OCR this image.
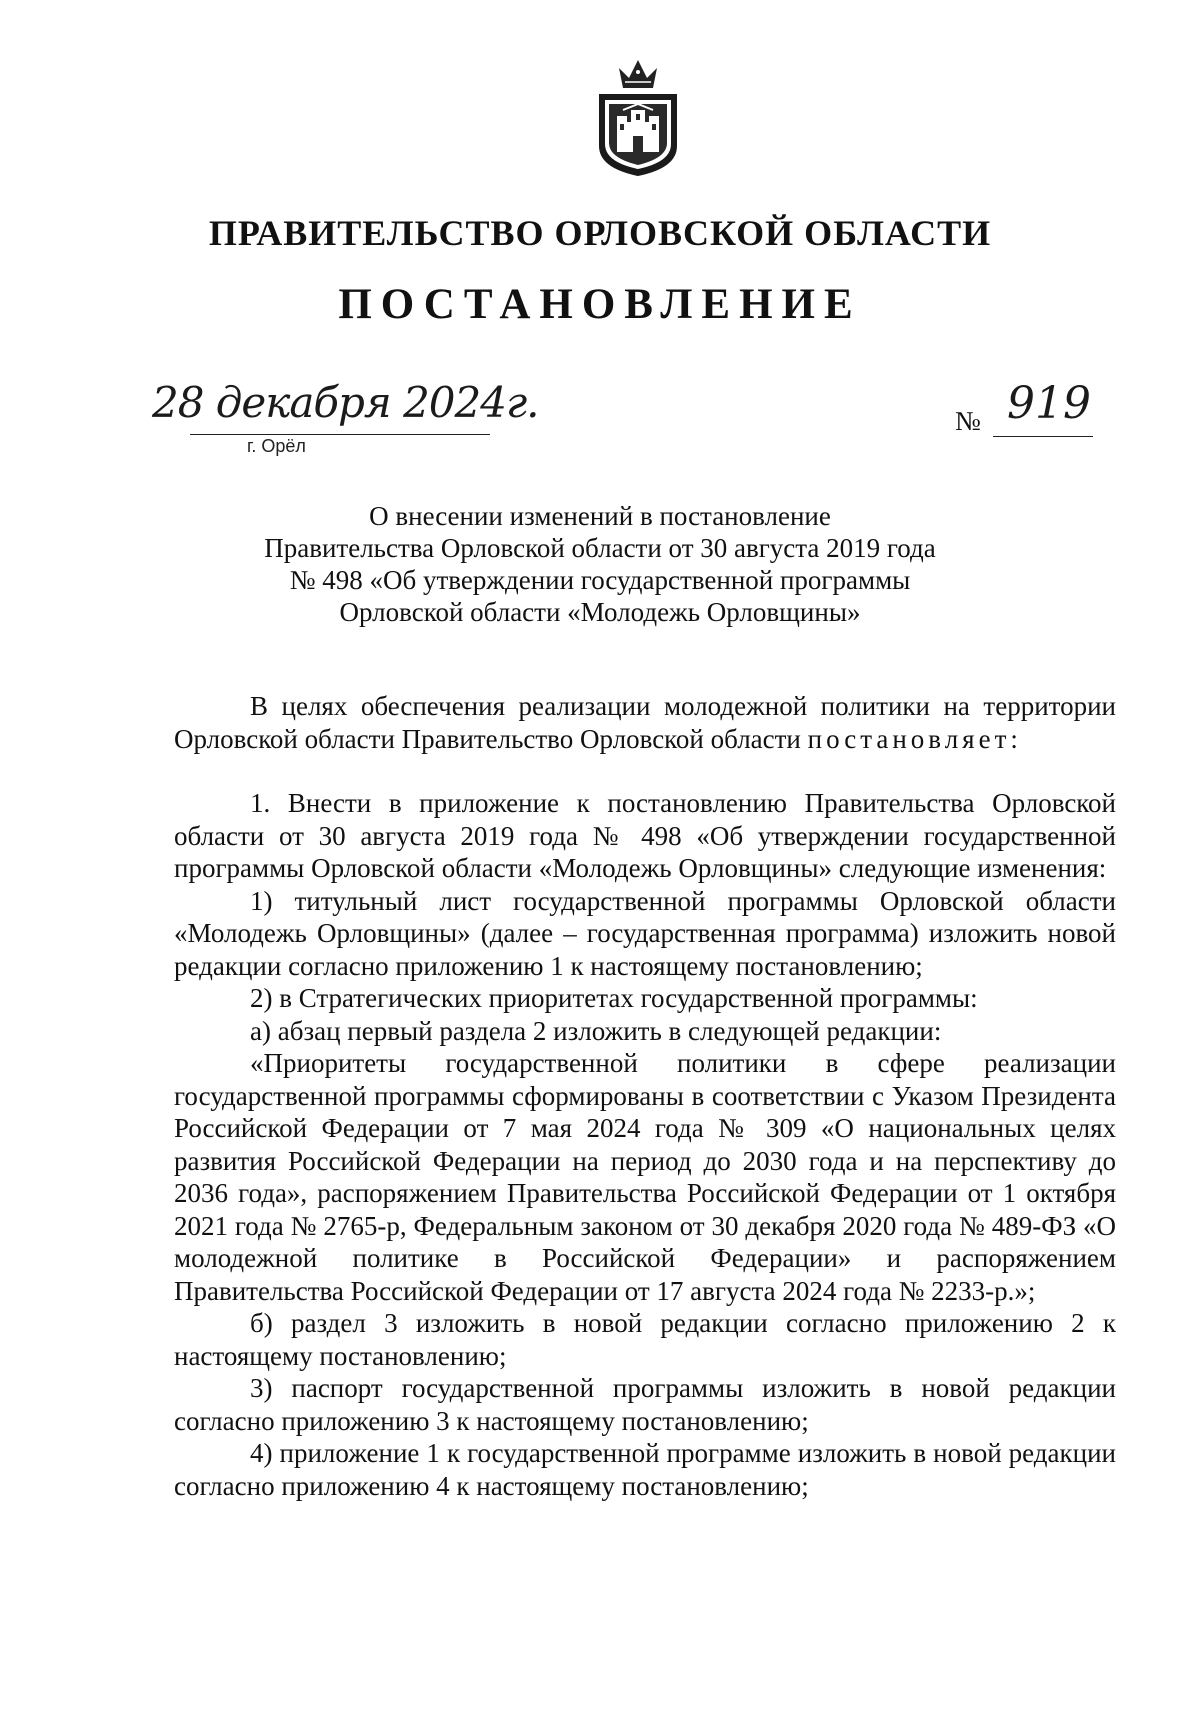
ПРАВИТЕЛЬСТВО ОРЛОВСКОЙ ОБЛАСТИ
ПОСТАНОВЛЕНИЕ
28 декабря 2024г.
г. Орёл
№ 919
О внесении изменений в постановление
Правительства Орловской области от 30 августа 2019 года
№ 498 «Об утверждении государственной программы
Орловской области «Молодежь Орловщины»

В целях обеспечения реализации молодежной политики на территории Орловской области Правительство Орловской области постановляет:

1. Внести в приложение к постановлению Правительства Орловской области от 30 августа 2019 года № 498 «Об утверждении государственной программы Орловской области «Молодежь Орловщины» следующие изменения:

1) титульный лист государственной программы Орловской области «Молодежь Орловщины» (далее – государственная программа) изложить новой редакции согласно приложению 1 к настоящему постановлению;

2) в Стратегических приоритетах государственной программы:

а) абзац первый раздела 2 изложить в следующей редакции:

«Приоритеты государственной политики в сфере реализации государственной программы сформированы в соответствии с Указом Президента Российской Федерации от 7 мая 2024 года № 309 «О национальных целях развития Российской Федерации на период до 2030 года и на перспективу до 2036 года», распоряжением Правительства Российской Федерации от 1 октября 2021 года № 2765-р, Федеральным законом от 30 декабря 2020 года № 489-ФЗ «О молодежной политике в Российской Федерации» и распоряжением Правительства Российской Федерации от 17 августа 2024 года № 2233-р.»;

б) раздел 3 изложить в новой редакции согласно приложению 2 к настоящему постановлению;

3) паспорт государственной программы изложить в новой редакции согласно приложению 3 к настоящему постановлению;

4) приложение 1 к государственной программе изложить в новой редакции согласно приложению 4 к настоящему постановлению;
